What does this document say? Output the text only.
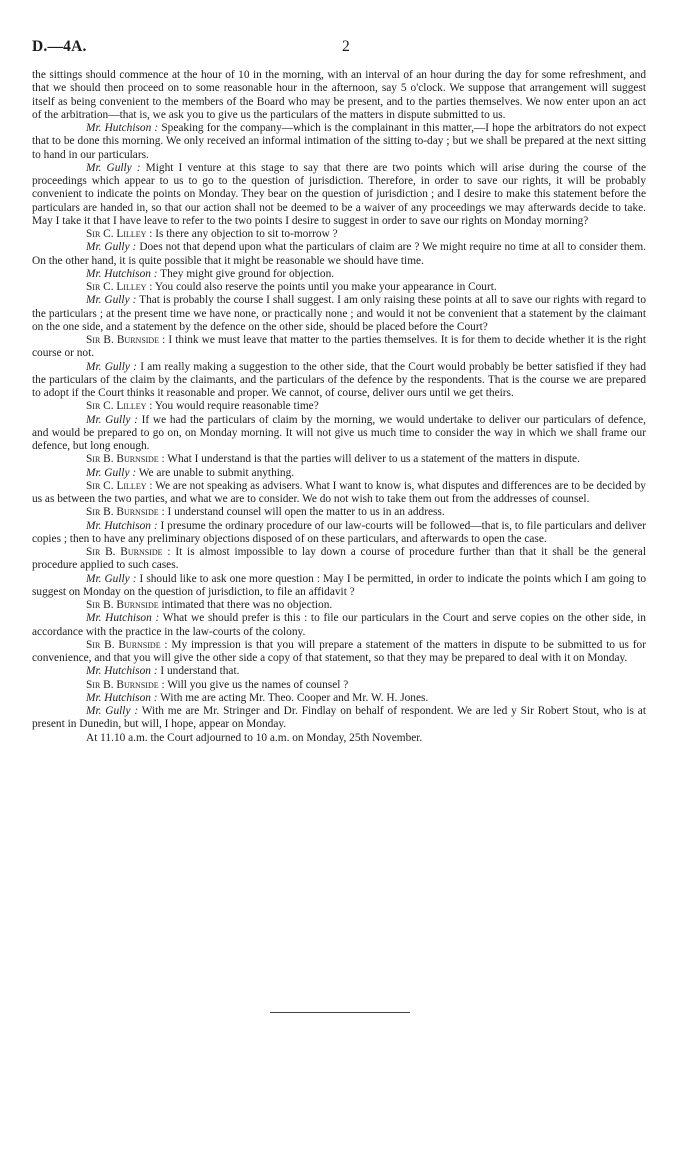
D.—4A.	2

the sittings should commence at the hour of 10 in the morning, with an interval of an hour during the day for some refreshment, and that we should then proceed on to some reasonable hour in the afternoon, say 5 o'clock. We suppose that arrangement will suggest itself as being convenient to the members of the Board who may be present, and to the parties themselves. We now enter upon an act of the arbitration—that is, we ask you to give us the particulars of the matters in dispute submitted to us.

Mr. Hutchison : Speaking for the company—which is the complainant in this matter,—I hope the arbitrators do not expect that to be done this morning. We only received an informal intimation of the sitting to-day ; but we shall be prepared at the next sitting to hand in our particulars.

Mr. Gully : Might I venture at this stage to say that there are two points which will arise during the course of the proceedings which appear to us to go to the question of jurisdiction. Therefore, in order to save our rights, it will be probably convenient to indicate the points on Monday. They bear on the question of jurisdiction ; and I desire to make this statement before the particulars are handed in, so that our action shall not be deemed to be a waiver of any proceedings we may afterwards decide to take. May I take it that I have leave to refer to the two points I desire to suggest in order to save our rights on Monday morning?

Sir C. Lilley : Is there any objection to sit to-morrow ?

Mr. Gully : Does not that depend upon what the particulars of claim are ? We might require no time at all to consider them. On the other hand, it is quite possible that it might be reasonable we should have time.

Mr. Hutchison : They might give ground for objection.

Sir C. Lilley : You could also reserve the points until you make your appearance in Court.

Mr. Gully : That is probably the course I shall suggest. I am only raising these points at all to save our rights with regard to the particulars ; at the present time we have none, or practically none ; and would it not be convenient that a statement by the claimant on the one side, and a statement by the defence on the other side, should be placed before the Court?

Sir B. Burnside : I think we must leave that matter to the parties themselves. It is for them to decide whether it is the right course or not.

Mr. Gully : I am really making a suggestion to the other side, that the Court would probably be better satisfied if they had the particulars of the claim by the claimants, and the particulars of the defence by the respondents. That is the course we are prepared to adopt if the Court thinks it reasonable and proper. We cannot, of course, deliver ours until we get theirs.

Sir C. Lilley : You would require reasonable time?

Mr. Gully : If we had the particulars of claim by the morning, we would undertake to deliver our particulars of defence, and would be prepared to go on, on Monday morning. It will not give us much time to consider the way in which we shall frame our defence, but long enough.

Sir B. Burnside : What I understand is that the parties will deliver to us a statement of the matters in dispute.

Mr. Gully : We are unable to submit anything.

Sir C. Lilley : We are not speaking as advisers. What I want to know is, what disputes and differences are to be decided by us as between the two parties, and what we are to consider. We do not wish to take them out from the addresses of counsel.

Sir B. Burnside : I understand counsel will open the matter to us in an address.

Mr. Hutchison : I presume the ordinary procedure of our law-courts will be followed—that is, to file particulars and deliver copies ; then to have any preliminary objections disposed of on these particulars, and afterwards to open the case.

Sir B. Burnside : It is almost impossible to lay down a course of procedure further than that it shall be the general procedure applied to such cases.

Mr. Gully : I should like to ask one more question : May I be permitted, in order to indicate the points which I am going to suggest on Monday on the question of jurisdiction, to file an affidavit ?

Sir B. Burnside intimated that there was no objection.

Mr. Hutchison : What we should prefer is this : to file our particulars in the Court and serve copies on the other side, in accordance with the practice in the law-courts of the colony.

Sir B. Burnside : My impression is that you will prepare a statement of the matters in dispute to be submitted to us for convenience, and that you will give the other side a copy of that statement, so that they may be prepared to deal with it on Monday.

Mr. Hutchison : I understand that.

Sir B. Burnside : Will you give us the names of counsel ?

Mr. Hutchison : With me are acting Mr. Theo. Cooper and Mr. W. H. Jones.

Mr. Gully : With me are Mr. Stringer and Dr. Findlay on behalf of respondent. We are led y Sir Robert Stout, who is at present in Dunedin, but will, I hope, appear on Monday.

At 11.10 a.m. the Court adjourned to 10 a.m. on Monday, 25th November.
